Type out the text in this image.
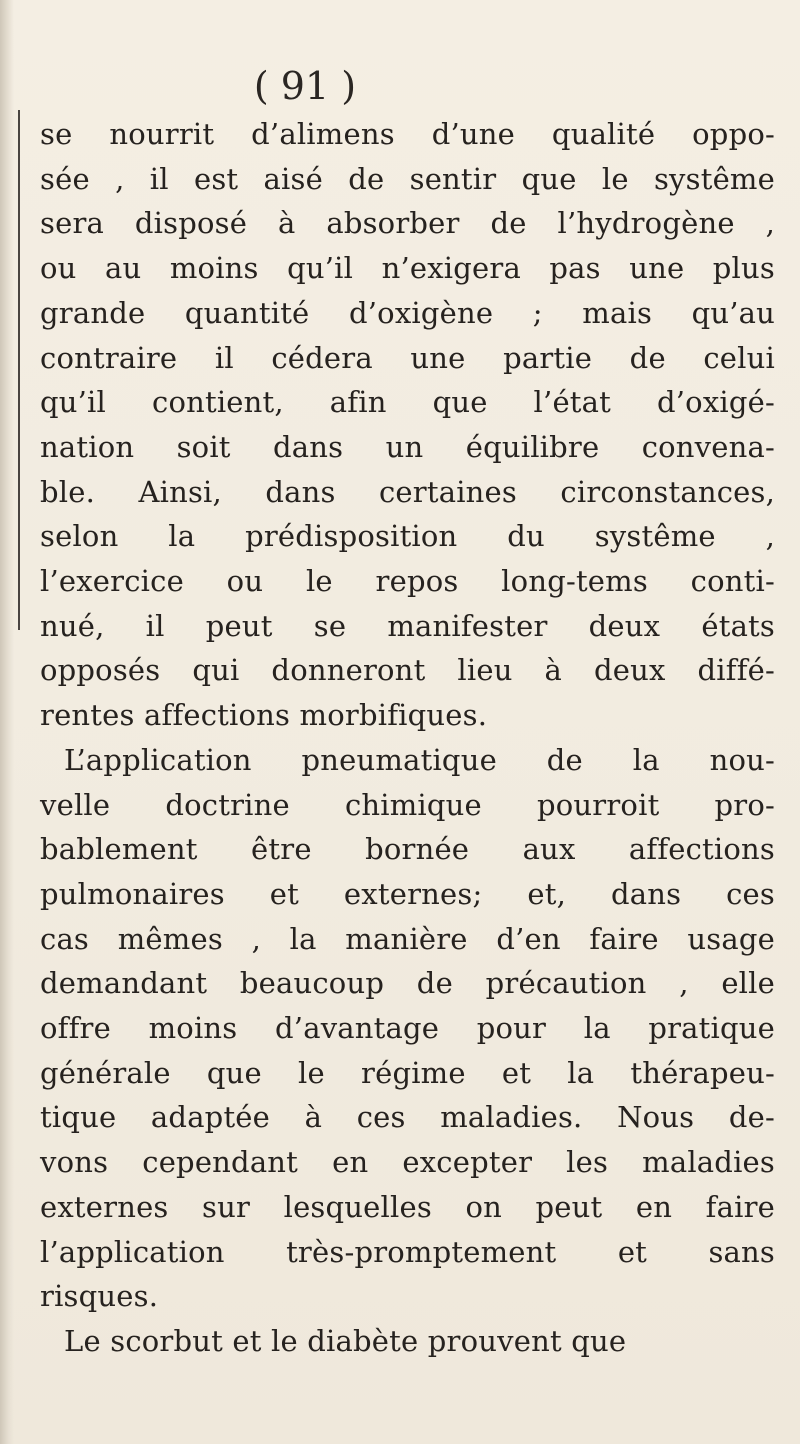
( 91 )
se nourrit d’alimens d’une qualité oppo-
sée , il est aisé de sentir que le systême
sera disposé à absorber de l’hydrogène ,
ou au moins qu’il n’exigera pas une plus
grande quantité d’oxigène ; mais qu’au
contraire il cédera une partie de celui
qu’il contient, afin que l’état d’oxigé-
nation soit dans un équilibre convena-
ble. Ainsi, dans certaines circonstances,
selon la prédisposition du systême ,
l’exercice ou le repos long-tems conti-
nué, il peut se manifester deux états
opposés qui donneront lieu à deux diffé-
rentes affections morbifiques.
L’application pneumatique de la nou-
velle doctrine chimique pourroit pro-
bablement être bornée aux affections
pulmonaires et externes; et, dans ces
cas mêmes , la manière d’en faire usage
demandant beaucoup de précaution , elle
offre moins d’avantage pour la pratique
générale que le régime et la thérapeu-
tique adaptée à ces maladies. Nous de-
vons cependant en excepter les maladies
externes sur lesquelles on peut en faire
l’application très-promptement et sans
risques.
Le scorbut et le diabète prouvent que
